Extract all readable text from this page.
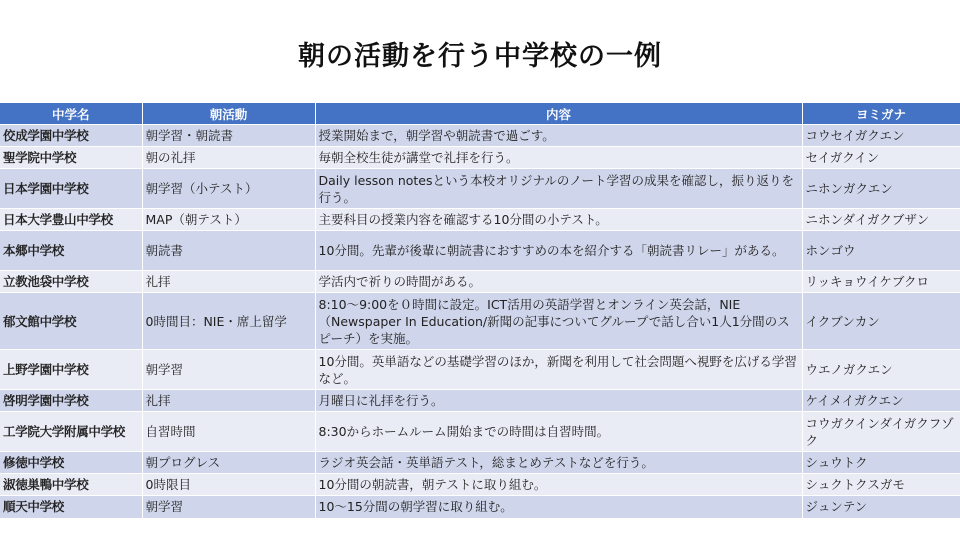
朝の活動を行う中学校の一例
中学名	朝活動	内容	ヨミガナ
佼成学園中学校	朝学習・朝読書	授業開始まで，朝学習や朝読書で過ごす。	コウセイガクエン
聖学院中学校	朝の礼拝	毎朝全校生徒が講堂で礼拝を行う。	セイガクイン
日本学園中学校	朝学習（小テスト）	Daily lesson notesという本校オリジナルのノート学習の成果を確認し，振り返りを行う。	ニホンガクエン
日本大学豊山中学校	MAP（朝テスト）	主要科目の授業内容を確認する10分間の小テスト。	ニホンダイガクブザン
本郷中学校	朝読書	10分間。先輩が後輩に朝読書におすすめの本を紹介する「朝読書リレー」がある。	ホンゴウ
立教池袋中学校	礼拝	学活内で祈りの時間がある。	リッキョウイケブクロ
郁文館中学校	0時間目：NIE・席上留学	8:10～9:00を０時間に設定。ICT活用の英語学習とオンライン英会話，NIE（Newspaper In Education/新聞の記事についてグループで話し合い1人1分間のスピーチ）を実施。	イクブンカン
上野学園中学校	朝学習	10分間。英単語などの基礎学習のほか，新聞を利用して社会問題へ視野を広げる学習など。	ウエノガクエン
啓明学園中学校	礼拝	月曜日に礼拝を行う。	ケイメイガクエン
工学院大学附属中学校	自習時間	8:30からホームルーム開始までの時間は自習時間。	コウガクインダイガクフゾク
修徳中学校	朝プログレス	ラジオ英会話・英単語テスト，総まとめテストなどを行う。	シュウトク
淑徳巣鴨中学校	0時限目	10分間の朝読書，朝テストに取り組む。	シュクトクスガモ
順天中学校	朝学習	10～15分間の朝学習に取り組む。	ジュンテン
